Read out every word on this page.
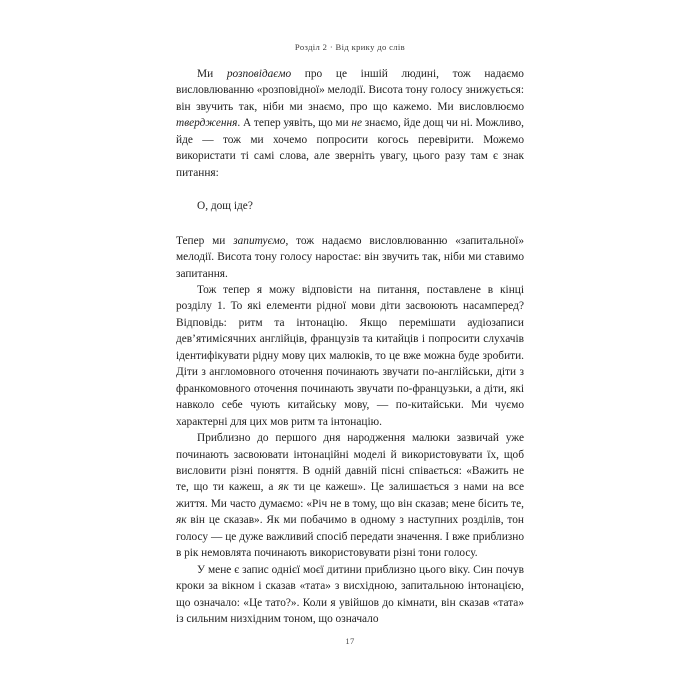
Розділ 2 · Від крику до слів

Ми розповідаємо про це іншій людині, тож надаємо висловлюванню «розповідної» мелодії. Висота тону голосу знижується: він звучить так, ніби ми знаємо, про що кажемо. Ми висловлюємо твердження. А тепер уявіть, що ми не знаємо, йде дощ чи ні. Можливо, йде — тож ми хочемо попросити когось перевірити. Можемо використати ті самі слова, але зверніть увагу, цього разу там є знак питання:

О, дощ іде?

Тепер ми запитуємо, тож надаємо висловлюванню «запитальної» мелодії. Висота тону голосу наростає: він звучить так, ніби ми ставимо запитання.

Тож тепер я можу відповісти на питання, поставлене в кінці розділу 1. То які елементи рідної мови діти засвоюють насамперед? Відповідь: ритм та інтонацію. Якщо перемішати аудіозаписи дев’ятимісячних англійців, французів та китайців і попросити слухачів ідентифікувати рідну мову цих малюків, то це вже можна буде зробити. Діти з англомовного оточення починають звучати по-англійськи, діти з франкомовного оточення починають звучати по-французьки, а діти, які навколо себе чують китайську мову, — по-китайськи. Ми чуємо характерні для цих мов ритм та інтонацію.

Приблизно до першого дня народження малюки зазвичай уже починають засвоювати інтонаційні моделі й використовувати їх, щоб висловити різні поняття. В одній давній пісні співається: «Важить не те, що ти кажеш, а як ти це кажеш». Це залишається з нами на все життя. Ми часто думаємо: «Річ не в тому, що він сказав; мене бісить те, як він це сказав». Як ми побачимо в одному з наступних розділів, тон голосу — це дуже важливий спосіб передати значення. І вже приблизно в рік немовлята починають використовувати різні тони голосу.

У мене є запис однієї моєї дитини приблизно цього віку. Син почув кроки за вікном і сказав «тата» з висхідною, запитальною інтонацією, що означало: «Це тато?». Коли я увійшов до кімнати, він сказав «тата» із сильним низхідним тоном, що означало

17
